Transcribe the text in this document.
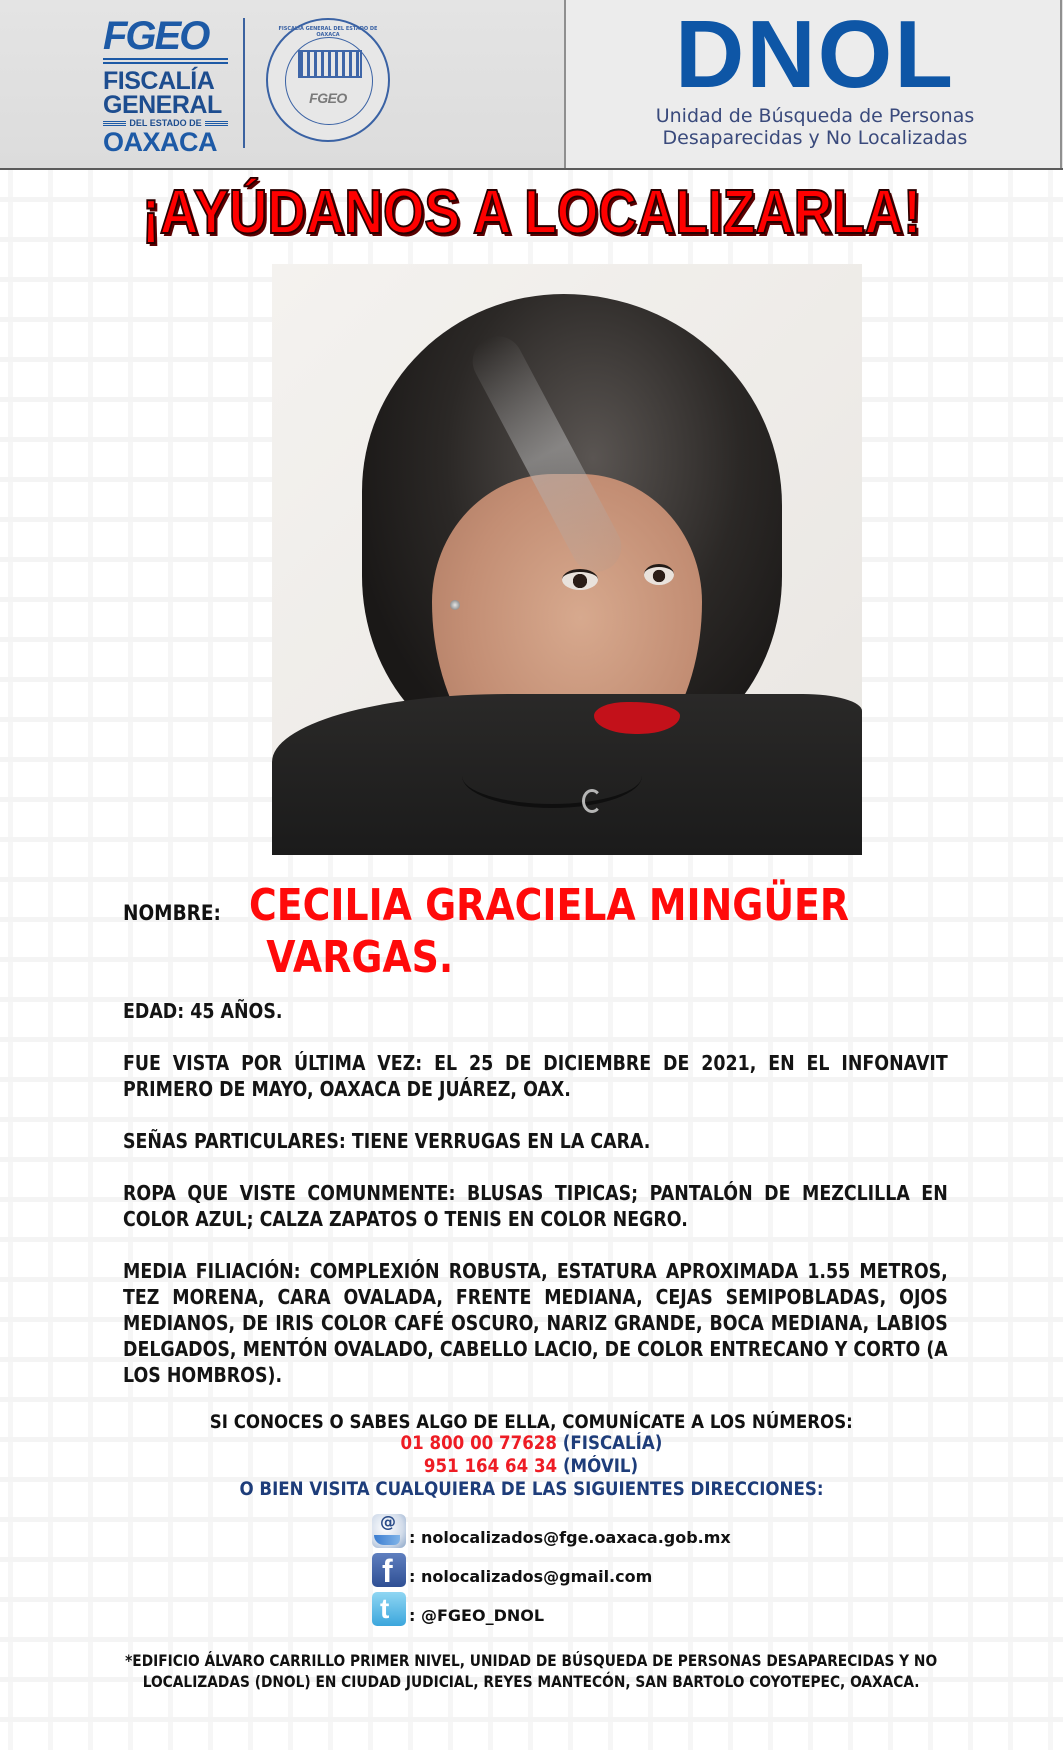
FGEO
FISCALÍA
GENERAL
DEL ESTADO DE
OAXACA
FISCALÍA GENERAL DEL ESTADO DE OAXACA
FGEO	DNOL
Unidad de Búsqueda de Personas
Desaparecidas y No Localizadas
¡AYÚDANOS A LOCALIZARLA!
NOMBRE: CECILIA GRACIELA MINGÜER
VARGAS.
EDAD: 45 AÑOS.
FUE VISTA POR ÚLTIMA VEZ: EL 25 DE DICIEMBRE DE 2021, EN EL INFONAVIT PRIMERO DE MAYO, OAXACA DE JUÁREZ, OAX.
SEÑAS PARTICULARES: TIENE VERRUGAS EN LA CARA.
ROPA QUE VISTE COMUNMENTE: BLUSAS TIPICAS; PANTALÓN DE MEZCLILLA EN COLOR AZUL; CALZA ZAPATOS O TENIS EN COLOR NEGRO.
MEDIA FILIACIÓN: COMPLEXIÓN ROBUSTA, ESTATURA APROXIMADA 1.55 METROS, TEZ MORENA, CARA OVALADA, FRENTE MEDIANA, CEJAS SEMIPOBLADAS, OJOS MEDIANOS, DE IRIS COLOR CAFÉ OSCURO, NARIZ GRANDE, BOCA MEDIANA, LABIOS DELGADOS, MENTÓN OVALADO, CABELLO LACIO, DE COLOR ENTRECANO Y CORTO (A LOS HOMBROS).
SI CONOCES O SABES ALGO DE ELLA, COMUNÍCATE A LOS NÚMEROS:
01 800 00 77628 (FISCALÍA)
951 164 64 34 (MÓVIL)
O BIEN VISITA CUALQUIERA DE LAS SIGUIENTES DIRECCIONES:
@
: nolocalizados@fge.oaxaca.gob.mx
f : nolocalizados@gmail.com
t : @FGEO_DNOL
*EDIFICIO ÁLVARO CARRILLO PRIMER NIVEL, UNIDAD DE BÚSQUEDA DE PERSONAS DESAPARECIDAS Y NO
LOCALIZADAS (DNOL) EN CIUDAD JUDICIAL, REYES MANTECÓN, SAN BARTOLO COYOTEPEC, OAXACA.
